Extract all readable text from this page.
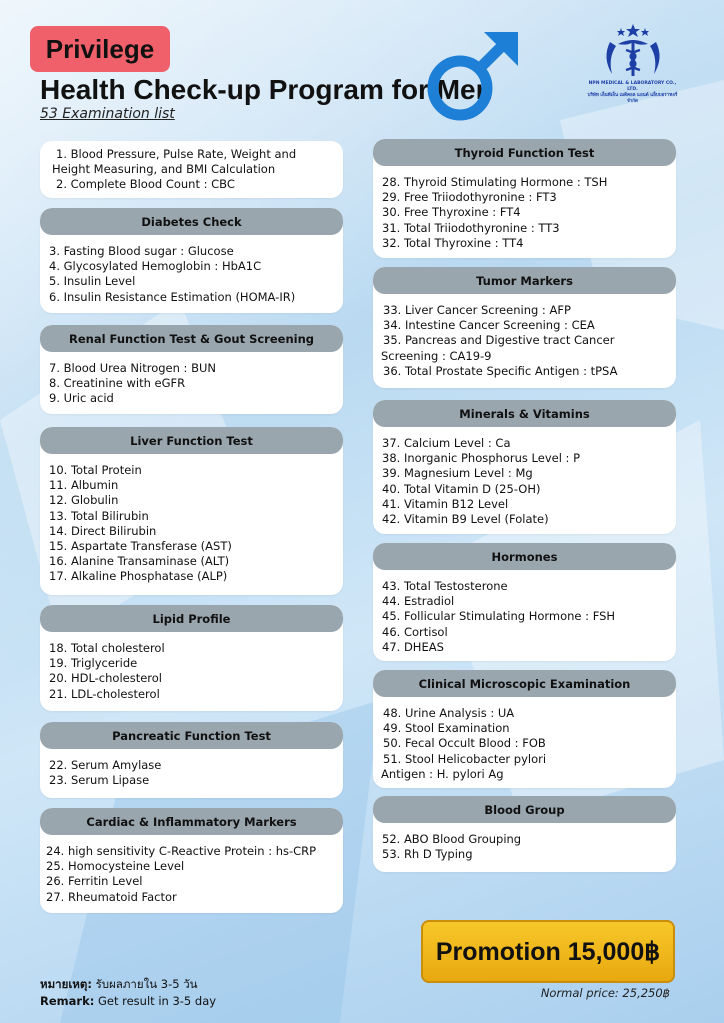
Privilege
Health Check-up Program for Men
53 Examination list
NPN MEDICAL & LABORATORY CO., LTD.
บริษัท เอ็นพีเอ็น เมดิคอล แอนด์ แล็บบอราทอรี่ จำกัด
1. Blood Pressure, Pulse Rate, Weight and Height Measuring, and BMI Calculation
2. Complete Blood Count : CBC
Diabetes Check
3. Fasting Blood sugar : Glucose
4. Glycosylated Hemoglobin : HbA1C
5. Insulin Level
6. Insulin Resistance Estimation (HOMA-IR)
Renal Function Test & Gout Screening
7. Blood Urea Nitrogen : BUN
8. Creatinine with eGFR
9. Uric acid
Liver Function Test
10. Total Protein
11. Albumin
12. Globulin
13. Total Bilirubin
14. Direct Bilirubin
15. Aspartate Transferase (AST)
16. Alanine Transaminase (ALT)
17. Alkaline Phosphatase (ALP)
Lipid Profile
18. Total cholesterol
19. Triglyceride
20. HDL-cholesterol
21. LDL-cholesterol
Pancreatic Function Test
22. Serum Amylase
23. Serum Lipase
Cardiac & Inflammatory Markers
24. high sensitivity C-Reactive Protein : hs-CRP
25. Homocysteine Level
26. Ferritin Level
27. Rheumatoid Factor
Thyroid Function Test
28. Thyroid Stimulating Hormone : TSH
29. Free Triiodothyronine : FT3
30. Free Thyroxine : FT4
31. Total Triiodothyronine : TT3
32. Total Thyroxine : TT4
Tumor Markers
33. Liver Cancer Screening : AFP
34. Intestine Cancer Screening : CEA
35. Pancreas and Digestive tract Cancer Screening : CA19-9
36. Total Prostate Specific Antigen : tPSA
Minerals & Vitamins
37. Calcium Level : Ca
38. Inorganic Phosphorus Level : P
39. Magnesium Level : Mg
40. Total Vitamin D (25-OH)
41. Vitamin B12 Level
42. Vitamin B9 Level (Folate)
Hormones
43. Total Testosterone
44. Estradiol
45. Follicular Stimulating Hormone : FSH
46. Cortisol
47. DHEAS
Clinical Microscopic Examination
48. Urine Analysis : UA
49. Stool Examination
50. Fecal Occult Blood : FOB
51. Stool Helicobacter pylori Antigen : H. pylori Ag
Blood Group
52. ABO Blood Grouping
53. Rh D Typing
Promotion 15,000฿
Normal price: 25,250฿
หมายเหตุ: รับผลภายใน 3-5 วัน
Remark: Get result in 3-5 day
